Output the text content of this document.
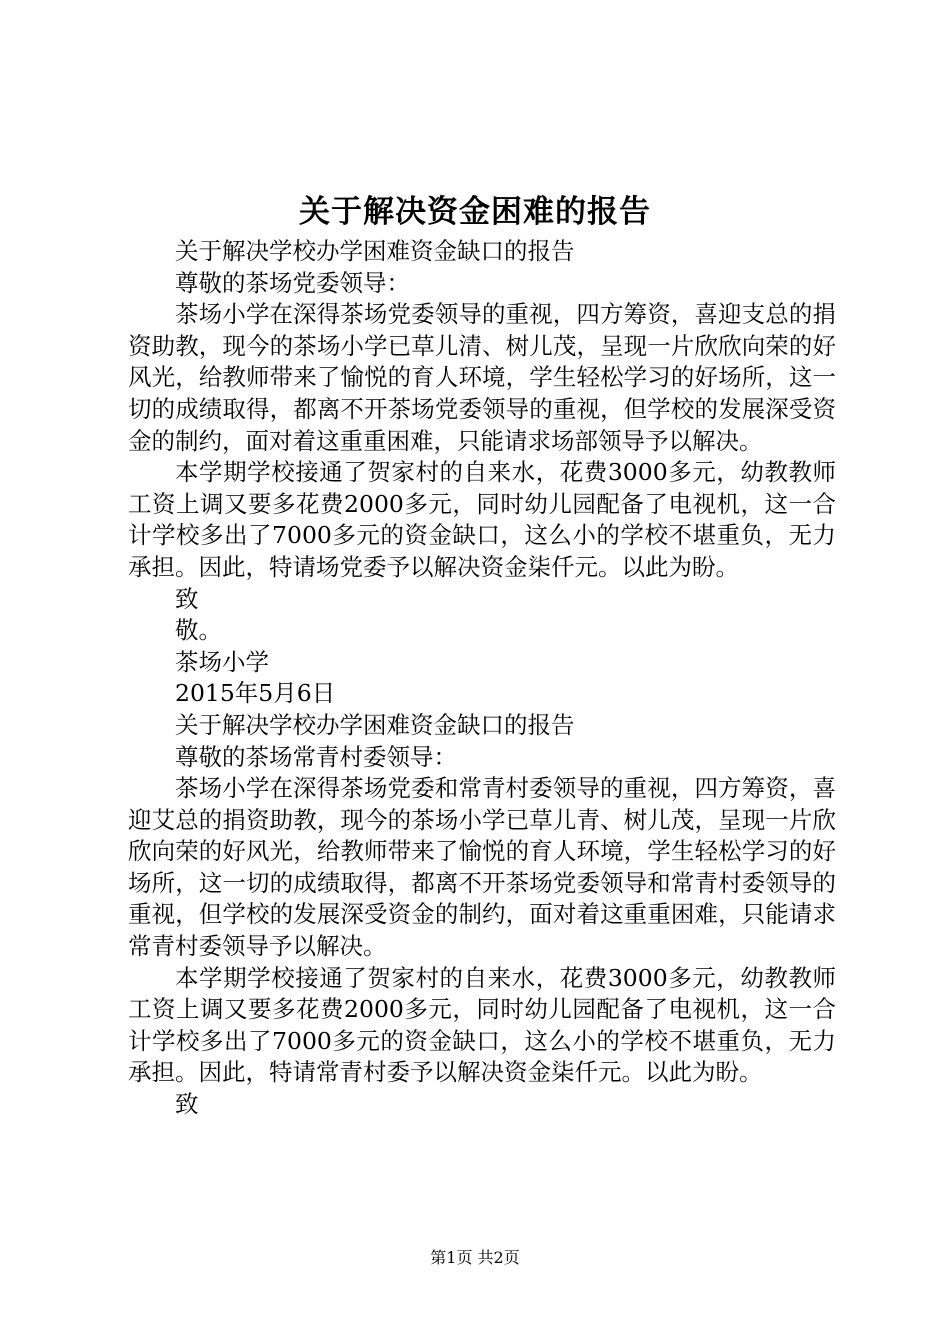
关于解决资金困难的报告

关于解决学校办学困难资金缺口的报告

尊敬的茶场党委领导：

茶场小学在深得茶场党委领导的重视，四方筹资，喜迎支总的捐资助教，现今的茶场小学已草儿清、树儿茂，呈现一片欣欣向荣的好风光，给教师带来了愉悦的育人环境，学生轻松学习的好场所，这一切的成绩取得，都离不开茶场党委领导的重视，但学校的发展深受资金的制约，面对着这重重困难，只能请求场部领导予以解决。

本学期学校接通了贺家村的自来水，花费3000多元，幼教教师工资上调又要多花费2000多元，同时幼儿园配备了电视机，这一合计学校多出了7000多元的资金缺口，这么小的学校不堪重负，无力承担。因此，特请场党委予以解决资金柒仟元。以此为盼。

致

敬。

茶场小学

2015年5月6日

关于解决学校办学困难资金缺口的报告

尊敬的茶场常青村委领导：

茶场小学在深得茶场党委和常青村委领导的重视，四方筹资，喜迎艾总的捐资助教，现今的茶场小学已草儿青、树儿茂，呈现一片欣欣向荣的好风光，给教师带来了愉悦的育人环境，学生轻松学习的好场所，这一切的成绩取得，都离不开茶场党委领导和常青村委领导的重视，但学校的发展深受资金的制约，面对着这重重困难，只能请求常青村委领导予以解决。

本学期学校接通了贺家村的自来水，花费3000多元，幼教教师工资上调又要多花费2000多元，同时幼儿园配备了电视机，这一合计学校多出了7000多元的资金缺口，这么小的学校不堪重负，无力承担。因此，特请常青村委予以解决资金柒仟元。以此为盼。

致

第1页 共2页
